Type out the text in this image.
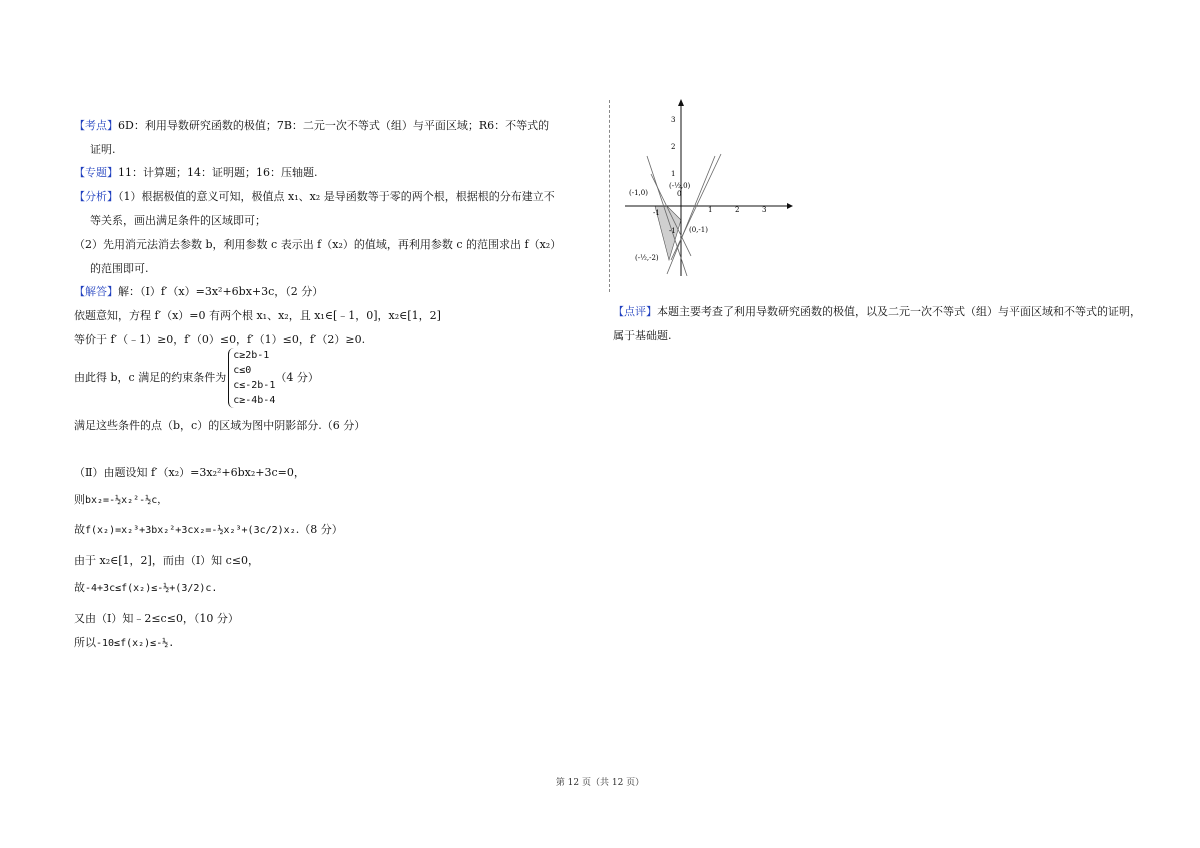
【考点】6D：利用导数研究函数的极值；7B：二元一次不等式（组）与平面区域；R6：不等式的
证明.
【专题】11：计算题；14：证明题；16：压轴题.
【分析】（1）根据极值的意义可知，极值点 x₁、x₂ 是导函数等于零的两个根，根据根的分布建立不
等关系，画出满足条件的区域即可；
（2）先用消元法消去参数 b，利用参数 c 表示出 f（x₂）的值域，再利用参数 c 的范围求出 f（x₂）
的范围即可.
【解答】解：（Ⅰ）f′（x）=3x²+6bx+3c，（2 分）
依题意知，方程 f′（x）=0 有两个根 x₁、x₂，且 x₁∈[﹣1，0]，x₂∈[1，2]
等价于 f′（﹣1）≥0，f′（0）≤0，f′（1）≤0，f′（2）≥0.
由此得 b，c 满足的约束条件为
c≥2b-1
c≤0
c≤-2b-1
c≥-4b-4
（4 分）
满足这些条件的点（b，c）的区域为图中阴影部分.（6 分）
（Ⅱ）由题设知 f′（x₂）=3x₂²+6bx₂+3c=0，
则bx₂=-½x₂²-½c，
故f(x₂)=x₂³+3bx₂²+3cx₂=-½x₂³+(3c/2)x₂.（8 分）
由于 x₂∈[1，2]，而由（Ⅰ）知 c≤0，
故-4+3c≤f(x₂)≤-½+(3/2)c.
又由（Ⅰ）知﹣2≤c≤0，（10 分）
所以-10≤f(x₂)≤-½.
-1
0
1	2	3
3
2
1
-1
(-1,0)
(-½,0)
(0,-1)
(-½,-2)
【点评】本题主要考查了利用导数研究函数的极值，以及二元一次不等式（组）与平面区域和不等式的证明，属于基础题.
第 12 页（共 12 页）
